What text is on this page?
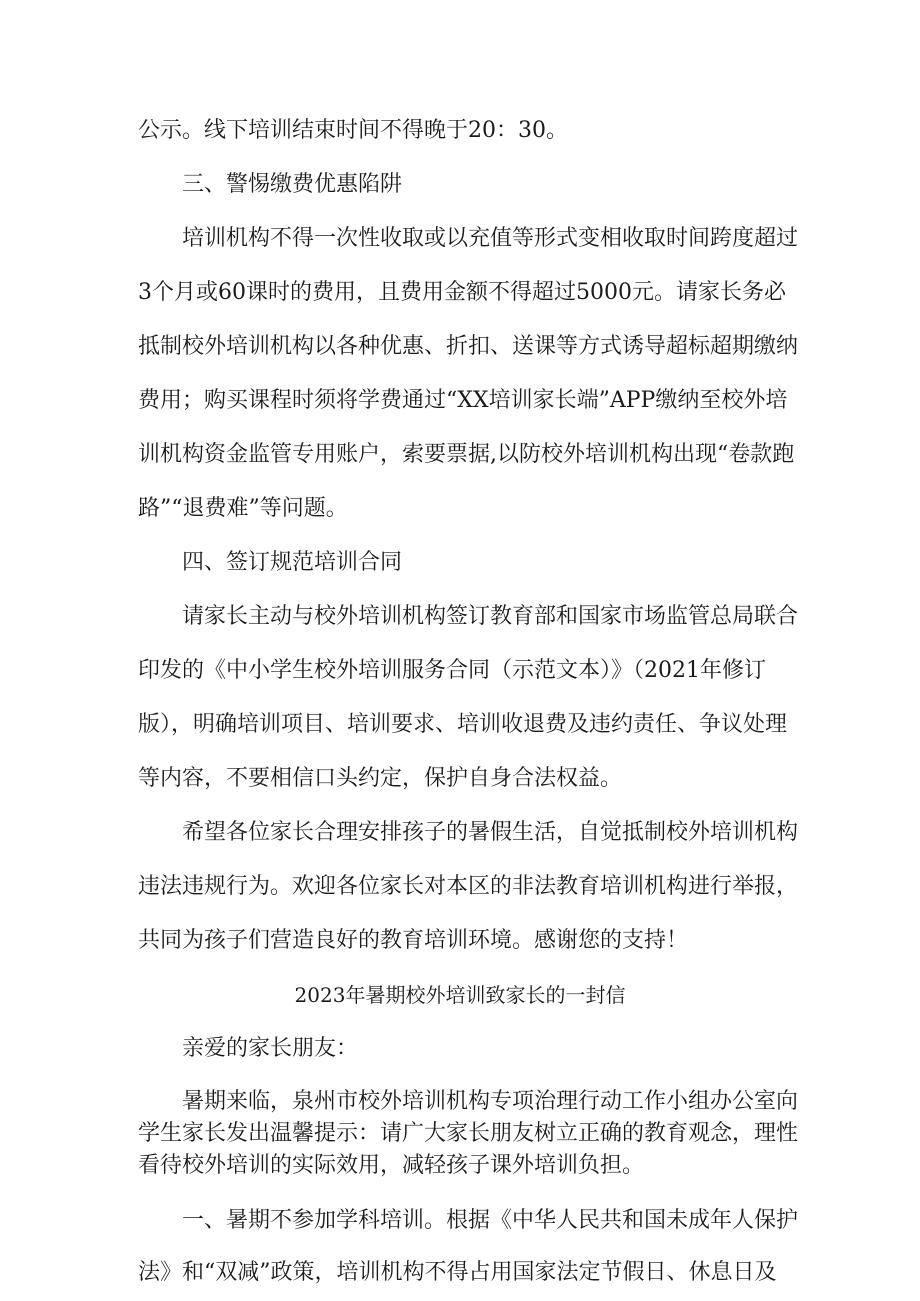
公示。线下培训结束时间不得晚于20：30。
三、警惕缴费优惠陷阱
培训机构不得一次性收取或以充值等形式变相收取时间跨度超过
3个月或60课时的费用，且费用金额不得超过5000元。请家长务必
抵制校外培训机构以各种优惠、折扣、送课等方式诱导超标超期缴纳
费用；购买课程时须将学费通过“XX培训家长端”APP缴纳至校外培
训机构资金监管专用账户，索要票据,以防校外培训机构出现“卷款跑
路”“退费难”等问题。
四、签订规范培训合同
请家长主动与校外培训机构签订教育部和国家市场监管总局联合
印发的《中小学生校外培训服务合同（示范文本）》（2021年修订
版），明确培训项目、培训要求、培训收退费及违约责任、争议处理
等内容，不要相信口头约定，保护自身合法权益。
希望各位家长合理安排孩子的暑假生活，自觉抵制校外培训机构
违法违规行为。欢迎各位家长对本区的非法教育培训机构进行举报，
共同为孩子们营造良好的教育培训环境。感谢您的支持！
2023年暑期校外培训致家长的一封信
亲爱的家长朋友：
暑期来临，泉州市校外培训机构专项治理行动工作小组办公室向
学生家长发出温馨提示：请广大家长朋友树立正确的教育观念，理性
看待校外培训的实际效用，减轻孩子课外培训负担。
一、暑期不参加学科培训。根据《中华人民共和国未成年人保护
法》和“双减”政策，培训机构不得占用国家法定节假日、休息日及
